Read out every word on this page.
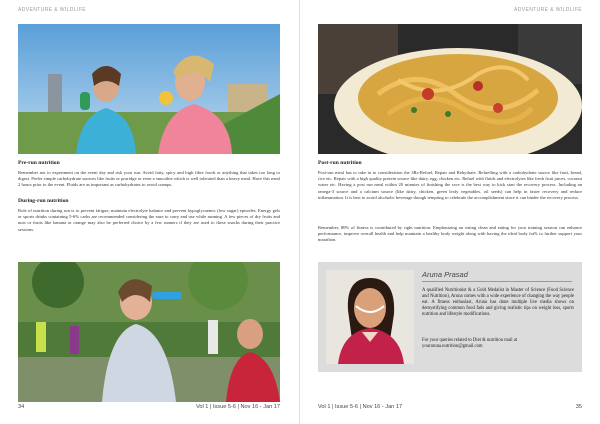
ADVENTURE & WILDLIFE
Pre-run nutrition
Remember not to experiment on the event day and risk your run. Avoid fatty, spicy and high fibre foods or anything that takes too long to digest. Prefer simple carbohydrate sources like fruits or porridge or even a smoothie which is well tolerated than a heavy meal. Have this meal 2 hours prior to the event. Fluids are as important as carbohydrates to avoid cramps.
During-run nutrition
Role of nutrition during run is to prevent fatigue, maintain electrolyte balance and prevent hypoglycaemic (low sugar) episodes. Energy gels or sports drinks containing 5-6% carbs are recommended considering the ease to carry and use while running. A few pieces of dry fruits and nuts or fruits like banana or orange may also be preferred choice by a few runners if they are used to these snacks during their practice sessions.
34	Vol 1 | Issue 5-6 | Nov 16 - Jan 17
ADVENTURE & WILDLIFE
Post-run nutrition
Post-run meal has to take in to consideration the 3Rs-Refuel, Repair and Rehydrate. Refuelling with a carbohydrate source like fruit, bread, rice etc. Repair with a high quality protein source like dairy, egg, chicken etc. Refuel with fluids and electrolytes like fresh fruit juices, coconut water etc. Having a post run meal within 20 minutes of finishing the race is the best way to kick start the recovery process. Including an omega-3 source and a calcium source (like dairy, chicken, green leafy vegetables, oil seeds) can help in faster recovery and reduce inflammation. It is best to avoid alcoholic beverage though tempting to celebrate the accomplishment since it can hinder the recovery process.
Remember, 80% of fitness is contributed by right nutrition. Emphasizing on eating clean and eating for your training session can enhance performance, improve overall health and help maintain a healthy body weight along with having the ideal body fat% to further support your marathon.
Aruna Prasad
A qualified Nutritionist & a Gold Medalist in Master of Science (Food Science and Nutrition), Aruna comes with a wide experience of changing the way people eat. A fitness enthusiast, Aruna has done multiple live media shows on demystifying common food fads and giving realistic tips on weight loss, sports nutrition and lifestyle modifications.
For your queries related to Diet & nutrition mail at
youraruna.nutrition@gmail.com
Vol 1 | Issue 5-6 | Nov 16 - Jan 17	35
